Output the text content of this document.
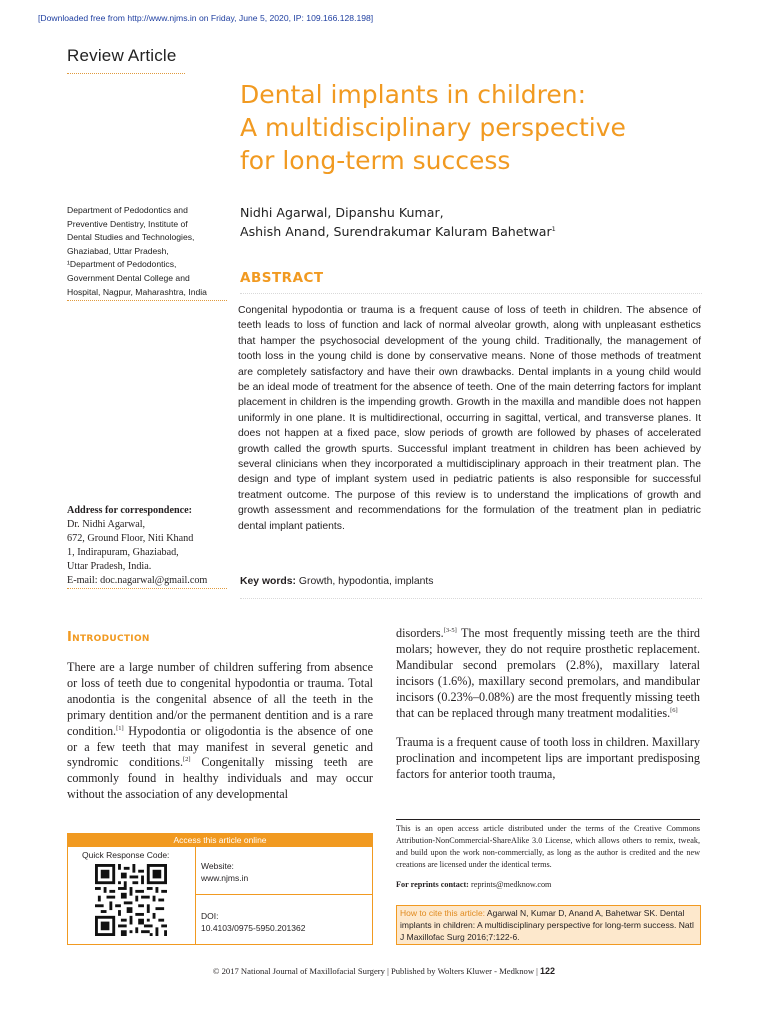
[Downloaded free from http://www.njms.in on Friday, June 5, 2020, IP: 109.166.128.198]
Review Article
Dental implants in children:
A multidisciplinary perspective
for long-term success
Nidhi Agarwal, Dipanshu Kumar,
Ashish Anand, Surendrakumar Kaluram Bahetwar$^1$
Department of Pedodontics and
Preventive Dentistry, Institute of
Dental Studies and Technologies,
Ghaziabad, Uttar Pradesh,
¹Department of Pedodontics,
Government Dental College and
Hospital, Nagpur, Maharashtra, India
ABSTRACT
Congenital hypodontia or trauma is a frequent cause of loss of teeth in children. The absence of teeth leads to loss of function and lack of normal alveolar growth, along with unpleasant esthetics that hamper the psychosocial development of the young child. Traditionally, the management of tooth loss in the young child is done by conservative means. None of those methods of treatment are completely satisfactory and have their own drawbacks. Dental implants in a young child would be an ideal mode of treatment for the absence of teeth. One of the main deterring factors for implant placement in children is the impending growth. Growth in the maxilla and mandible does not happen uniformly in one plane. It is multidirectional, occurring in sagittal, vertical, and transverse planes. It does not happen at a fixed pace, slow periods of growth are followed by phases of accelerated growth called the growth spurts. Successful implant treatment in children has been achieved by several clinicians when they incorporated a multidisciplinary approach in their treatment plan. The design and type of implant system used in pediatric patients is also responsible for successful treatment outcome. The purpose of this review is to understand the implications of growth and growth assessment and recommendations for the formulation of the treatment plan in pediatric dental implant patients.
Address for correspondence:
Dr. Nidhi Agarwal,
672, Ground Floor, Niti Khand
1, Indirapuram, Ghaziabad,
Uttar Pradesh, India.
E-mail: doc.nagarwal@gmail.com	Key words: Growth, hypodontia, implants
Introduction

There are a large number of children suffering from absence or loss of teeth due to congenital hypodontia or trauma. Total anodontia is the congenital absence of all the teeth in the primary dentition and/or the permanent dentition and is a rare condition.[1] Hypodontia or oligodontia is the absence of one or a few teeth that may manifest in several genetic and syndromic conditions.[2] Congenitally missing teeth are commonly found in healthy individuals and may occur without the association of any developmental

disorders.[3-5] The most frequently missing teeth are the third molars; however, they do not require prosthetic replacement. Mandibular second premolars (2.8%), maxillary lateral incisors (1.6%), maxillary second premolars, and mandibular incisors (0.23%–0.08%) are the most frequently missing teeth that can be replaced through many treatment modalities.[6]

Trauma is a frequent cause of tooth loss in children. Maxillary proclination and incompetent lips are important predisposing factors for anterior tooth trauma,

Access this article online
Quick Response Code:
Website:
www.njms.in
DOI:
10.4103/0975-5950.201362
This is an open access article distributed under the terms of the Creative Commons Attribution-NonCommercial-ShareAlike 3.0 License, which allows others to remix, tweak, and build upon the work non-commercially, as long as the author is credited and the new creations are licensed under the identical terms.
For reprints contact: reprints@medknow.com
How to cite this article: Agarwal N, Kumar D, Anand A, Bahetwar SK. Dental implants in children: A multidisciplinary perspective for long-term success. Natl J Maxillofac Surg 2016;7:122-6.
© 2017 National Journal of Maxillofacial Surgery | Published by Wolters Kluwer - Medknow | 122
